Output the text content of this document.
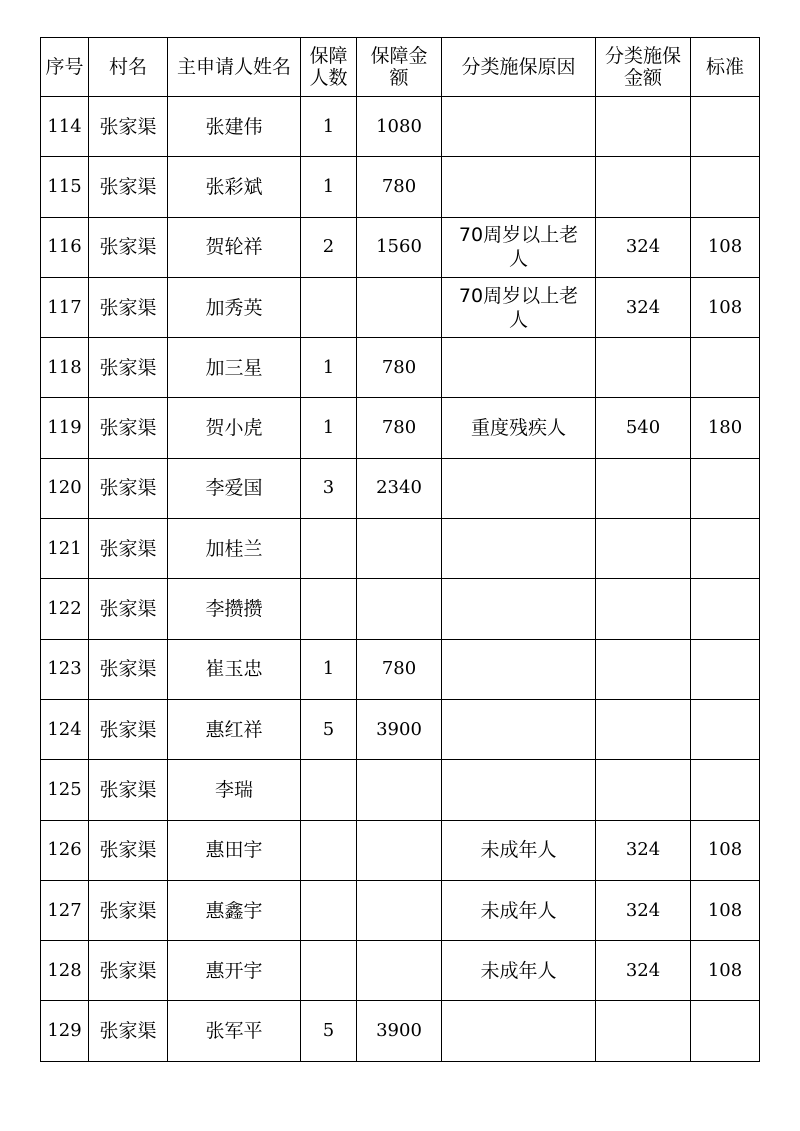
序号	村名	主申请人姓名	保障人数	保障金额	分类施保原因	分类施保金额	标准
114	张家渠	张建伟	1	1080			
115	张家渠	张彩斌	1	780			
116	张家渠	贺轮祥	2	1560	70周岁以上老人	324	108
117	张家渠	加秀英			70周岁以上老人	324	108
118	张家渠	加三星	1	780			
119	张家渠	贺小虎	1	780	重度残疾人	540	180
120	张家渠	李爱国	3	2340			
121	张家渠	加桂兰					
122	张家渠	李攒攒					
123	张家渠	崔玉忠	1	780			
124	张家渠	惠红祥	5	3900			
125	张家渠	李瑞					
126	张家渠	惠田宇			未成年人	324	108
127	张家渠	惠鑫宇			未成年人	324	108
128	张家渠	惠开宇			未成年人	324	108
129	张家渠	张军平	5	3900			
